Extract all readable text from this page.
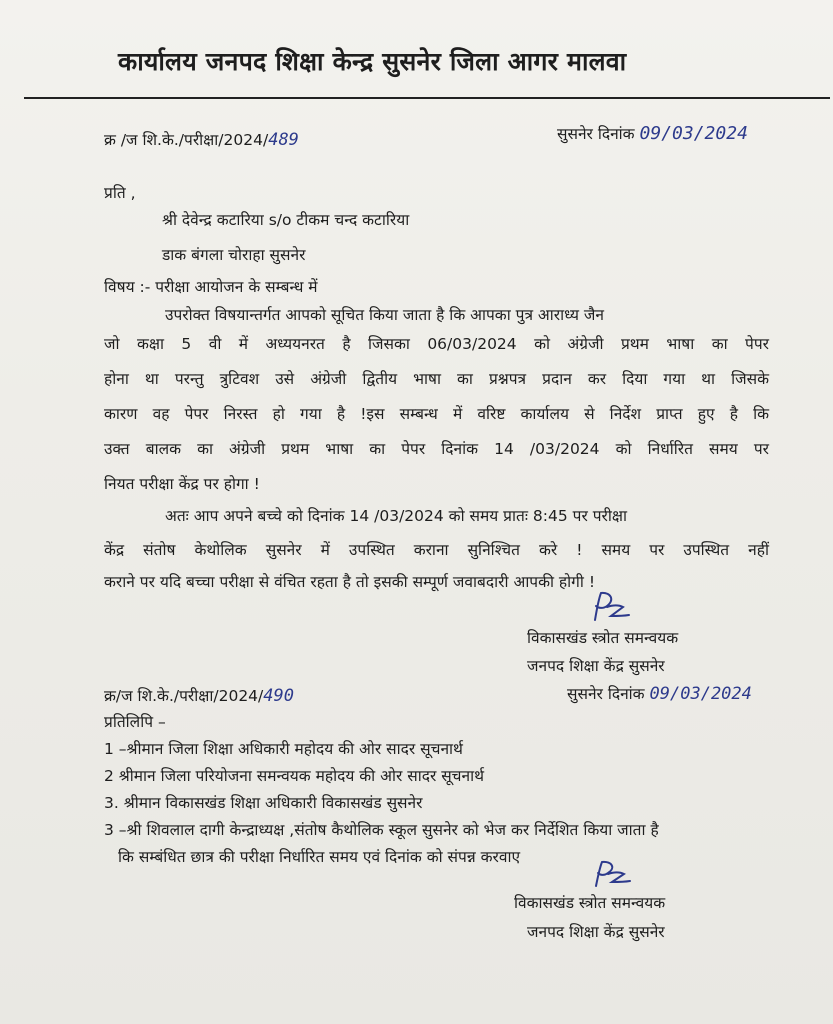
कार्यालय जनपद शिक्षा केन्द्र सुसनेर जिला आगर मालवा
क्र /ज शि.के./परीक्षा/2024/489	सुसनेर दिनांक 09/03/2024
प्रति ,
श्री देवेन्द्र कटारिया s/o टीकम चन्द कटारिया
डाक बंगला चोराहा सुसनेर
विषय :- परीक्षा आयोजन के सम्बन्ध में
उपरोक्त विषयान्तर्गत आपको सूचित किया जाता है कि आपका पुत्र आराध्य जैन
जो कक्षा 5 वी में अध्ययनरत है जिसका 06/03/2024 को अंग्रेजी प्रथम भाषा का पेपर
होना था परन्तु त्रुटिवश उसे अंग्रेजी द्वितीय भाषा का प्रश्नपत्र प्रदान कर दिया गया था जिसके
कारण वह पेपर निरस्त हो गया है !इस सम्बन्ध में वरिष्ट कार्यालय से निर्देश प्राप्त हुए है कि
उक्त बालक का अंग्रेजी प्रथम भाषा का पेपर दिनांक 14 /03/2024 को निर्धारित समय पर
नियत परीक्षा केंद्र पर होगा !
अतः आप अपने बच्चे को दिनांक 14 /03/2024 को समय प्रातः 8:45 पर परीक्षा
केंद्र संतोष केथोलिक सुसनेर में उपस्थित कराना सुनिश्चित करे ! समय पर उपस्थित नहीं
कराने पर यदि बच्चा परीक्षा से वंचित रहता है तो इसकी सम्पूर्ण जवाबदारी आपकी होगी !
विकासखंड स्त्रोत समन्वयक
जनपद शिक्षा केंद्र सुसनेर
क्र/ज शि.के./परीक्षा/2024/490	सुसनेर दिनांक 09/03/2024
प्रतिलिपि –
1 –श्रीमान जिला शिक्षा अधिकारी महोदय की ओर सादर सूचनार्थ
2 श्रीमान जिला परियोजना समन्वयक महोदय की ओर सादर सूचनार्थ
3. श्रीमान विकासखंड शिक्षा अधिकारी विकासखंड सुसनेर
3 –श्री शिवलाल दागी केन्द्राध्यक्ष ,संतोष कैथोलिक स्कूल सुसनेर को भेज कर निर्देशित किया जाता है
कि सम्बंधित छात्र की परीक्षा निर्धारित समय एवं दिनांक को संपन्न करवाए
विकासखंड स्त्रोत समन्वयक
जनपद शिक्षा केंद्र सुसनेर
